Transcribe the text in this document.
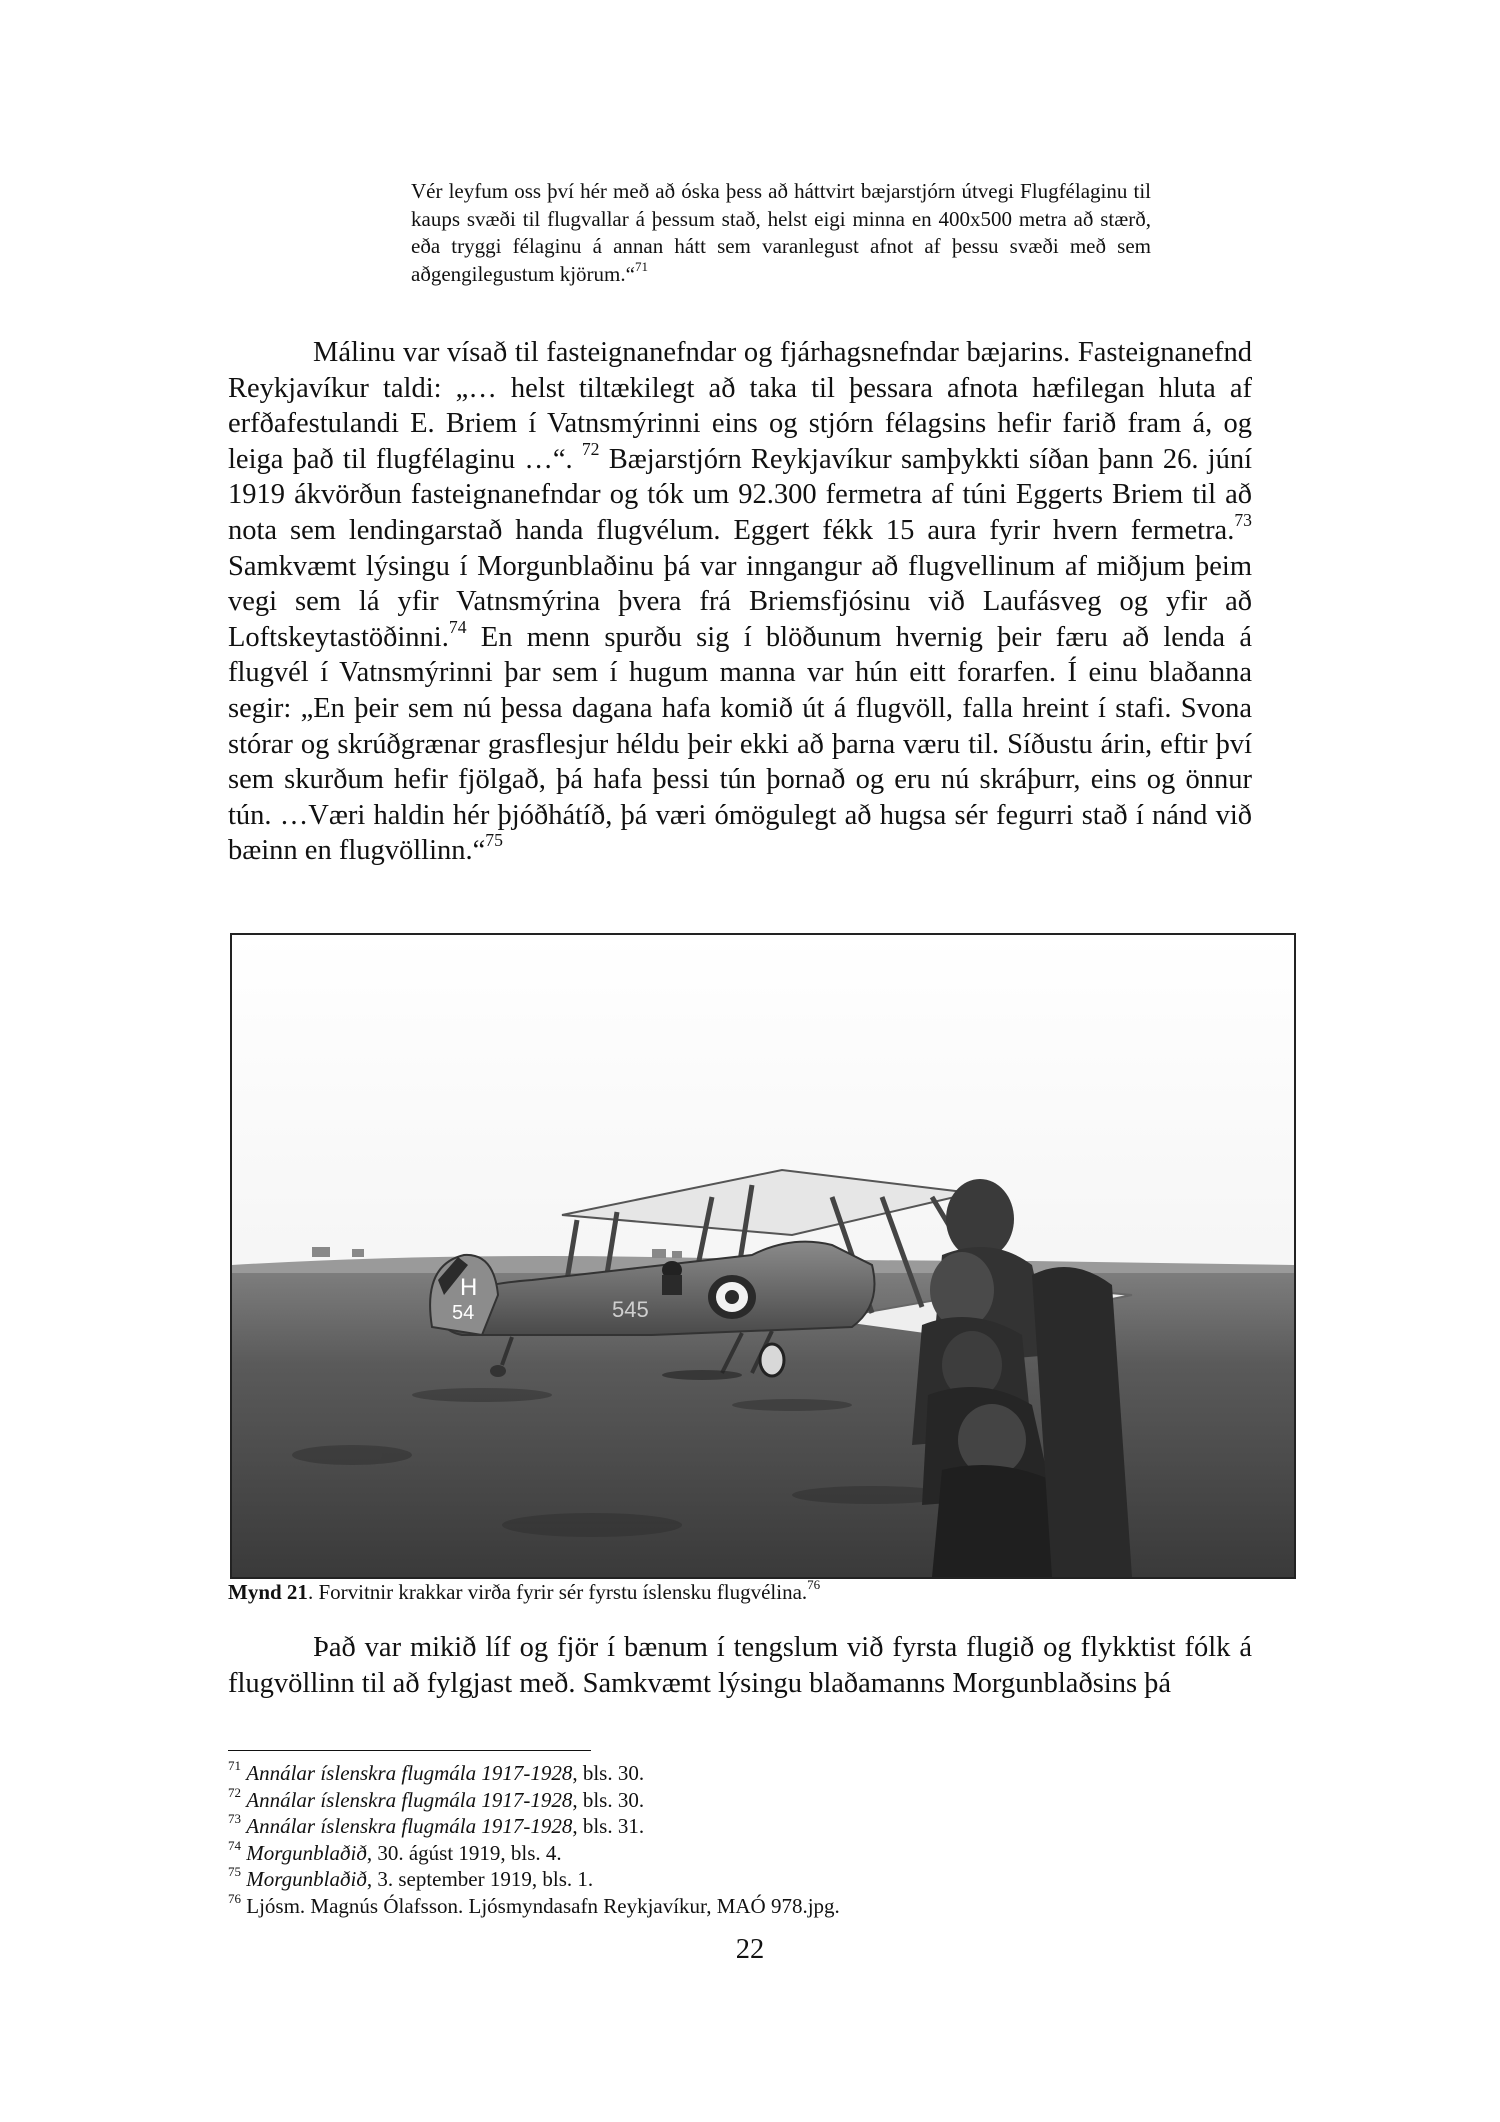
Vér leyfum oss því hér með að óska þess að háttvirt bæjarstjórn útvegi Flugfélaginu til kaups svæði til flugvallar á þessum stað, helst eigi minna en 400x500 metra að stærð, eða tryggi félaginu á annan hátt sem varanlegust afnot af þessu svæði með sem aðgengilegustum kjörum.“$^{71}$
Málinu var vísað til fasteignanefndar og fjárhagsnefndar bæjarins. Fasteignanefnd Reykjavíkur taldi: „… helst tiltækilegt að taka til þessara afnota hæfilegan hluta af erfðafestulandi E. Briem í Vatnsmýrinni eins og stjórn félagsins hefir farið fram á, og leiga það til flugfélaginu …“. $^{72}$ Bæjarstjórn Reykjavíkur samþykkti síðan þann 26. júní 1919 ákvörðun fasteignanefndar og tók um 92.300 fermetra af túni Eggerts Briem til að nota sem lendingarstað handa flugvélum. Eggert fékk 15 aura fyrir hvern fermetra.$^{73}$ Samkvæmt lýsingu í Morgunblaðinu þá var inngangur að flugvellinum af miðjum þeim vegi sem lá yfir Vatnsmýrina þvera frá Briemsfjósinu við Laufásveg og yfir að Loftskeytastöðinni.$^{74}$ En menn spurðu sig í blöðunum hvernig þeir færu að lenda á flugvél í Vatnsmýrinni þar sem í hugum manna var hún eitt forarfen. Í einu blaðanna segir: „En þeir sem nú þessa dagana hafa komið út á flugvöll, falla hreint í stafi. Svona stórar og skrúðgrænar grasflesjur héldu þeir ekki að þarna væru til. Síðustu árin, eftir því sem skurðum hefir fjölgað, þá hafa þessi tún þornað og eru nú skráþurr, eins og önnur tún. …Væri haldin hér þjóðhátíð, þá væri ómögulegt að hugsa sér fegurri stað í nánd við bæinn en flugvöllinn.“$^{75}$
H
54	545
Mynd 21. Forvitnir krakkar virða fyrir sér fyrstu íslensku flugvélina.$^{76}$
Það var mikið líf og fjör í bænum í tengslum við fyrsta flugið og flykktist fólk á flugvöllinn til að fylgjast með. Samkvæmt lýsingu blaðamanns Morgunblaðsins þá
$^{71}$ Annálar íslenskra flugmála 1917-1928, bls. 30.
$^{72}$ Annálar íslenskra flugmála 1917-1928, bls. 30.
$^{73}$ Annálar íslenskra flugmála 1917-1928, bls. 31.
$^{74}$ Morgunblaðið, 30. ágúst 1919, bls. 4.
$^{75}$ Morgunblaðið, 3. september 1919, bls. 1.
$^{76}$ Ljósm. Magnús Ólafsson. Ljósmyndasafn Reykjavíkur, MAÓ 978.jpg.
22
